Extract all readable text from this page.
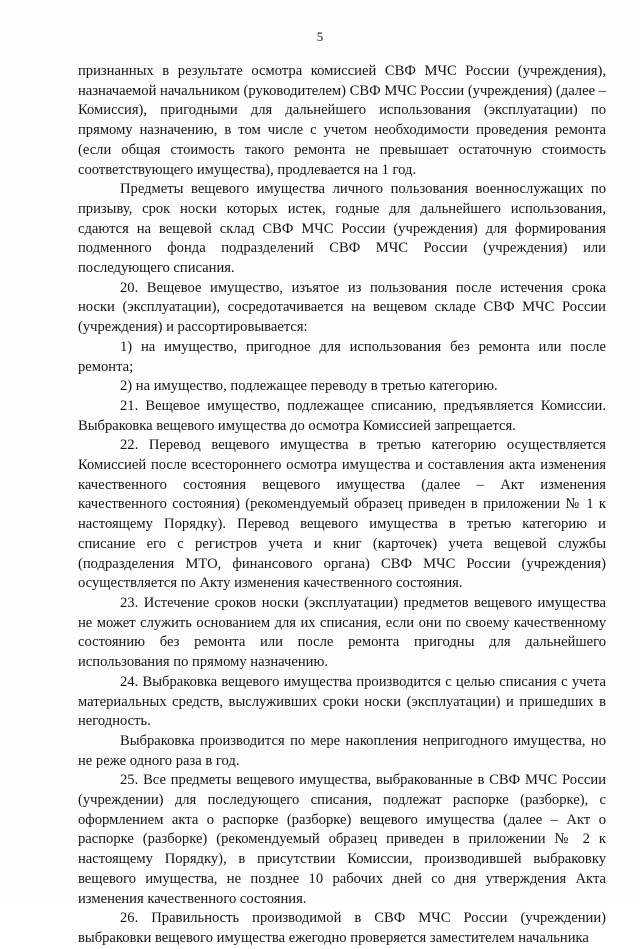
5

признанных в результате осмотра комиссией СВФ МЧС России (учреждения), назначаемой начальником (руководителем) СВФ МЧС России (учреждения) (далее – Комиссия), пригодными для дальнейшего использования (эксплуатации) по прямому назначению, в том числе с учетом необходимости проведения ремонта (если общая стоимость такого ремонта не превышает остаточную стоимость соответствующего имущества), продлевается на 1 год.

Предметы вещевого имущества личного пользования военнослужащих по призыву, срок носки которых истек, годные для дальнейшего использования, сдаются на вещевой склад СВФ МЧС России (учреждения) для формирования подменного фонда подразделений СВФ МЧС России (учреждения) или последующего списания.

20. Вещевое имущество, изъятое из пользования после истечения срока носки (эксплуатации), сосредотачивается на вещевом складе СВФ МЧС России (учреждения) и рассортировывается:

1) на имущество, пригодное для использования без ремонта или после ремонта;

2) на имущество, подлежащее переводу в третью категорию.

21. Вещевое имущество, подлежащее списанию, предъявляется Комиссии. Выбраковка вещевого имущества до осмотра Комиссией запрещается.

22. Перевод вещевого имущества в третью категорию осуществляется Комиссией после всестороннего осмотра имущества и составления акта изменения качественного состояния вещевого имущества (далее – Акт изменения качественного состояния) (рекомендуемый образец приведен в приложении № 1 к настоящему Порядку). Перевод вещевого имущества в третью категорию и списание его с регистров учета и книг (карточек) учета вещевой службы (подразделения МТО, финансового органа) СВФ МЧС России (учреждения) осуществляется по Акту изменения качественного состояния.

23. Истечение сроков носки (эксплуатации) предметов вещевого имущества не может служить основанием для их списания, если они по своему качественному состоянию без ремонта или после ремонта пригодны для дальнейшего использования по прямому назначению.

24. Выбраковка вещевого имущества производится с целью списания с учета материальных средств, выслуживших сроки носки (эксплуатации) и пришедших в негодность.

Выбраковка производится по мере накопления непригодного имущества, но не реже одного раза в год.

25. Все предметы вещевого имущества, выбракованные в СВФ МЧС России (учреждении) для последующего списания, подлежат распорке (разборке), с оформлением акта о распорке (разборке) вещевого имущества (далее – Акт о распорке (разборке) (рекомендуемый образец приведен в приложении № 2 к настоящему Порядку), в присутствии Комиссии, производившей выбраковку вещевого имущества, не позднее 10 рабочих дней со дня утверждения Акта изменения качественного состояния.

26. Правильность производимой в СВФ МЧС России (учреждении) выбраковки вещевого имущества ежегодно проверяется заместителем начальника
